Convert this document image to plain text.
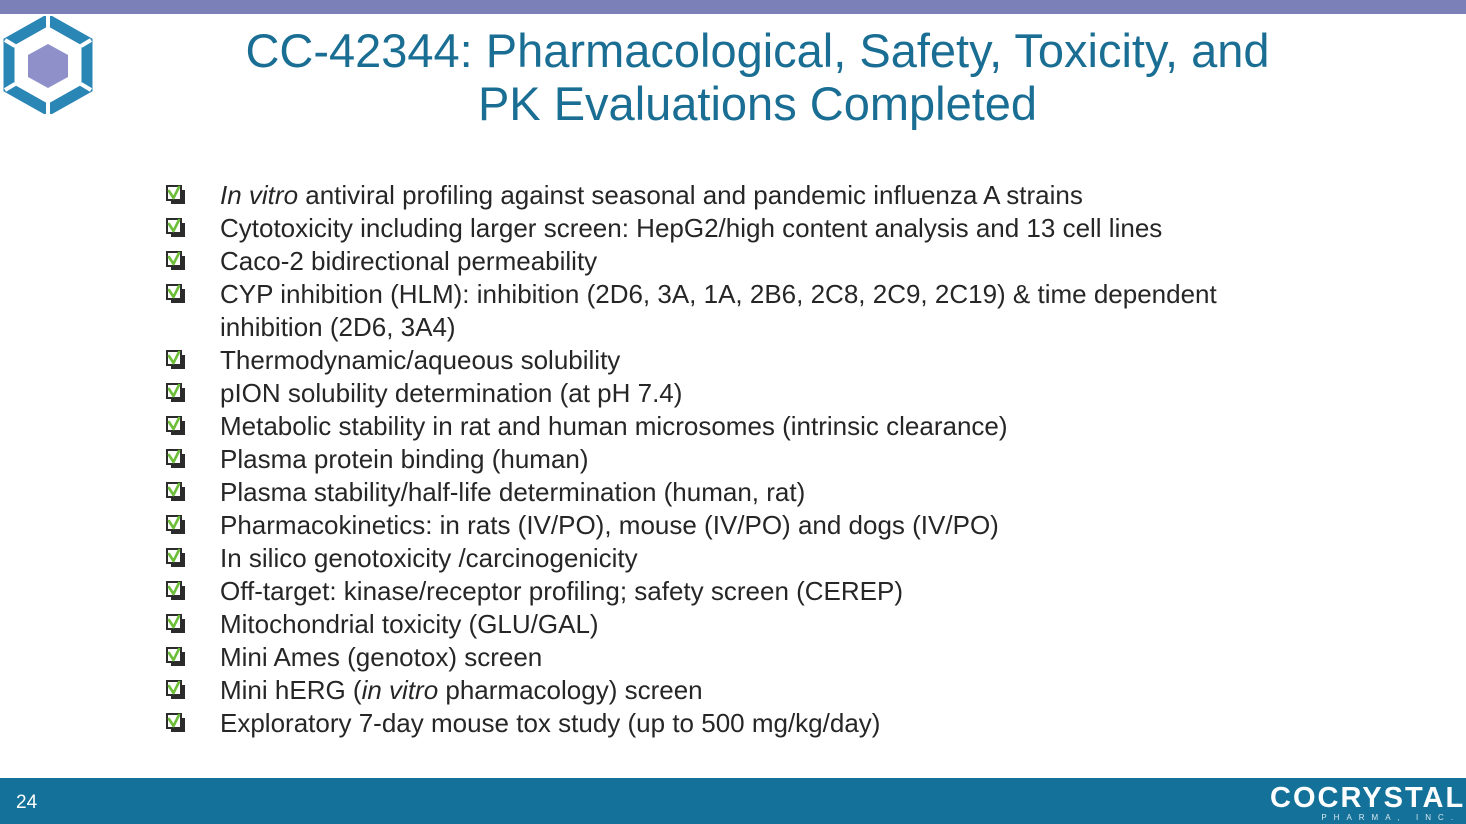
CC-42344: Pharmacological, Safety, Toxicity, and
PK Evaluations Completed
In vitro antiviral profiling against seasonal and pandemic influenza A strains
Cytotoxicity including larger screen: HepG2/high content analysis and 13 cell lines
Caco-2 bidirectional permeability
CYP inhibition (HLM): inhibition (2D6, 3A, 1A, 2B6, 2C8, 2C9, 2C19) & time dependent inhibition (2D6, 3A4)
Thermodynamic/aqueous solubility
pION solubility determination (at pH 7.4)
Metabolic stability in rat and human microsomes (intrinsic clearance)
Plasma protein binding (human)
Plasma stability/half-life determination (human, rat)
Pharmacokinetics: in rats (IV/PO), mouse (IV/PO) and dogs (IV/PO)
In silico genotoxicity /carcinogenicity
Off-target: kinase/receptor profiling; safety screen (CEREP)
Mitochondrial toxicity (GLU/GAL)
Mini Ames (genotox) screen
Mini hERG (in vitro pharmacology) screen
Exploratory 7-day mouse tox study (up to 500 mg/kg/day)
24	COCRYSTAL
PHARMA, INC.
